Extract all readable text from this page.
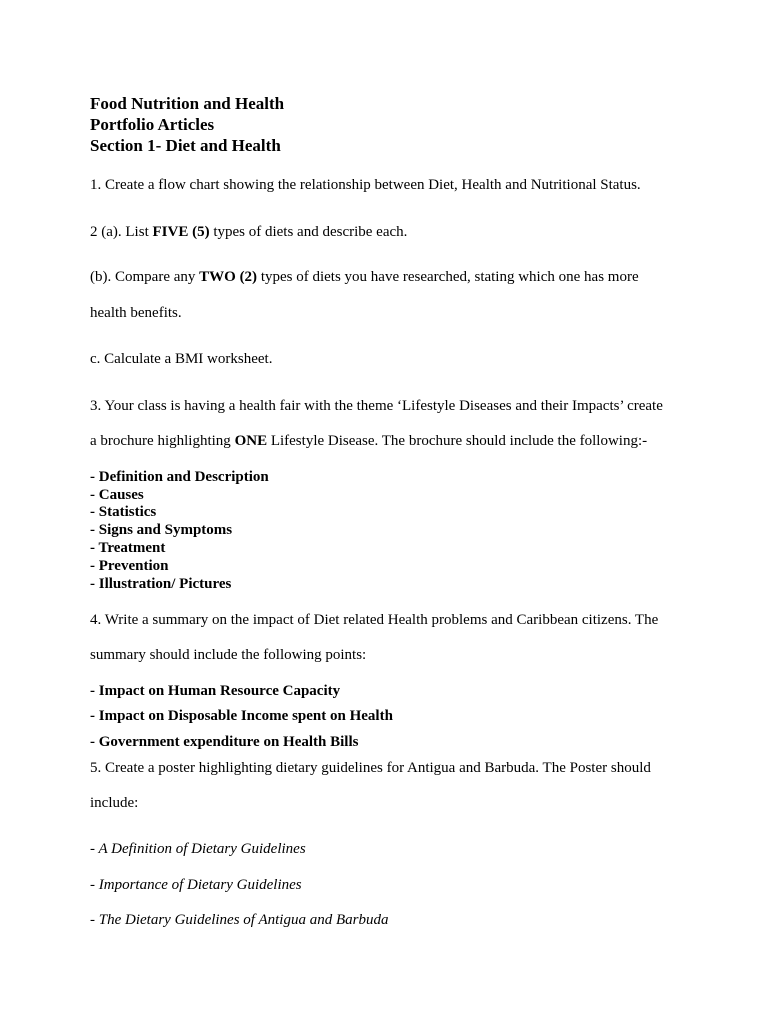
Food Nutrition and Health

Portfolio Articles

Section 1- Diet and Health

1. Create a flow chart showing the relationship between Diet, Health and Nutritional Status.

2 (a). List FIVE (5) types of diets and describe each.

(b). Compare any TWO (2) types of diets you have researched, stating which one has more

health benefits.

c. Calculate a BMI worksheet.

3. Your class is having a health fair with the theme ‘Lifestyle Diseases and their Impacts’ create

a brochure highlighting ONE Lifestyle Disease. The brochure should include the following:-

- Definition and Description

- Causes

- Statistics

- Signs and Symptoms

- Treatment

- Prevention

- Illustration/ Pictures

4. Write a summary on the impact of Diet related Health problems and Caribbean citizens. The

summary should include the following points:

- Impact on Human Resource Capacity

- Impact on Disposable Income spent on Health

- Government expenditure on Health Bills

5. Create a poster highlighting dietary guidelines for Antigua and Barbuda. The Poster should

include:

- A Definition of Dietary Guidelines

- Importance of Dietary Guidelines

- The Dietary Guidelines of Antigua and Barbuda
